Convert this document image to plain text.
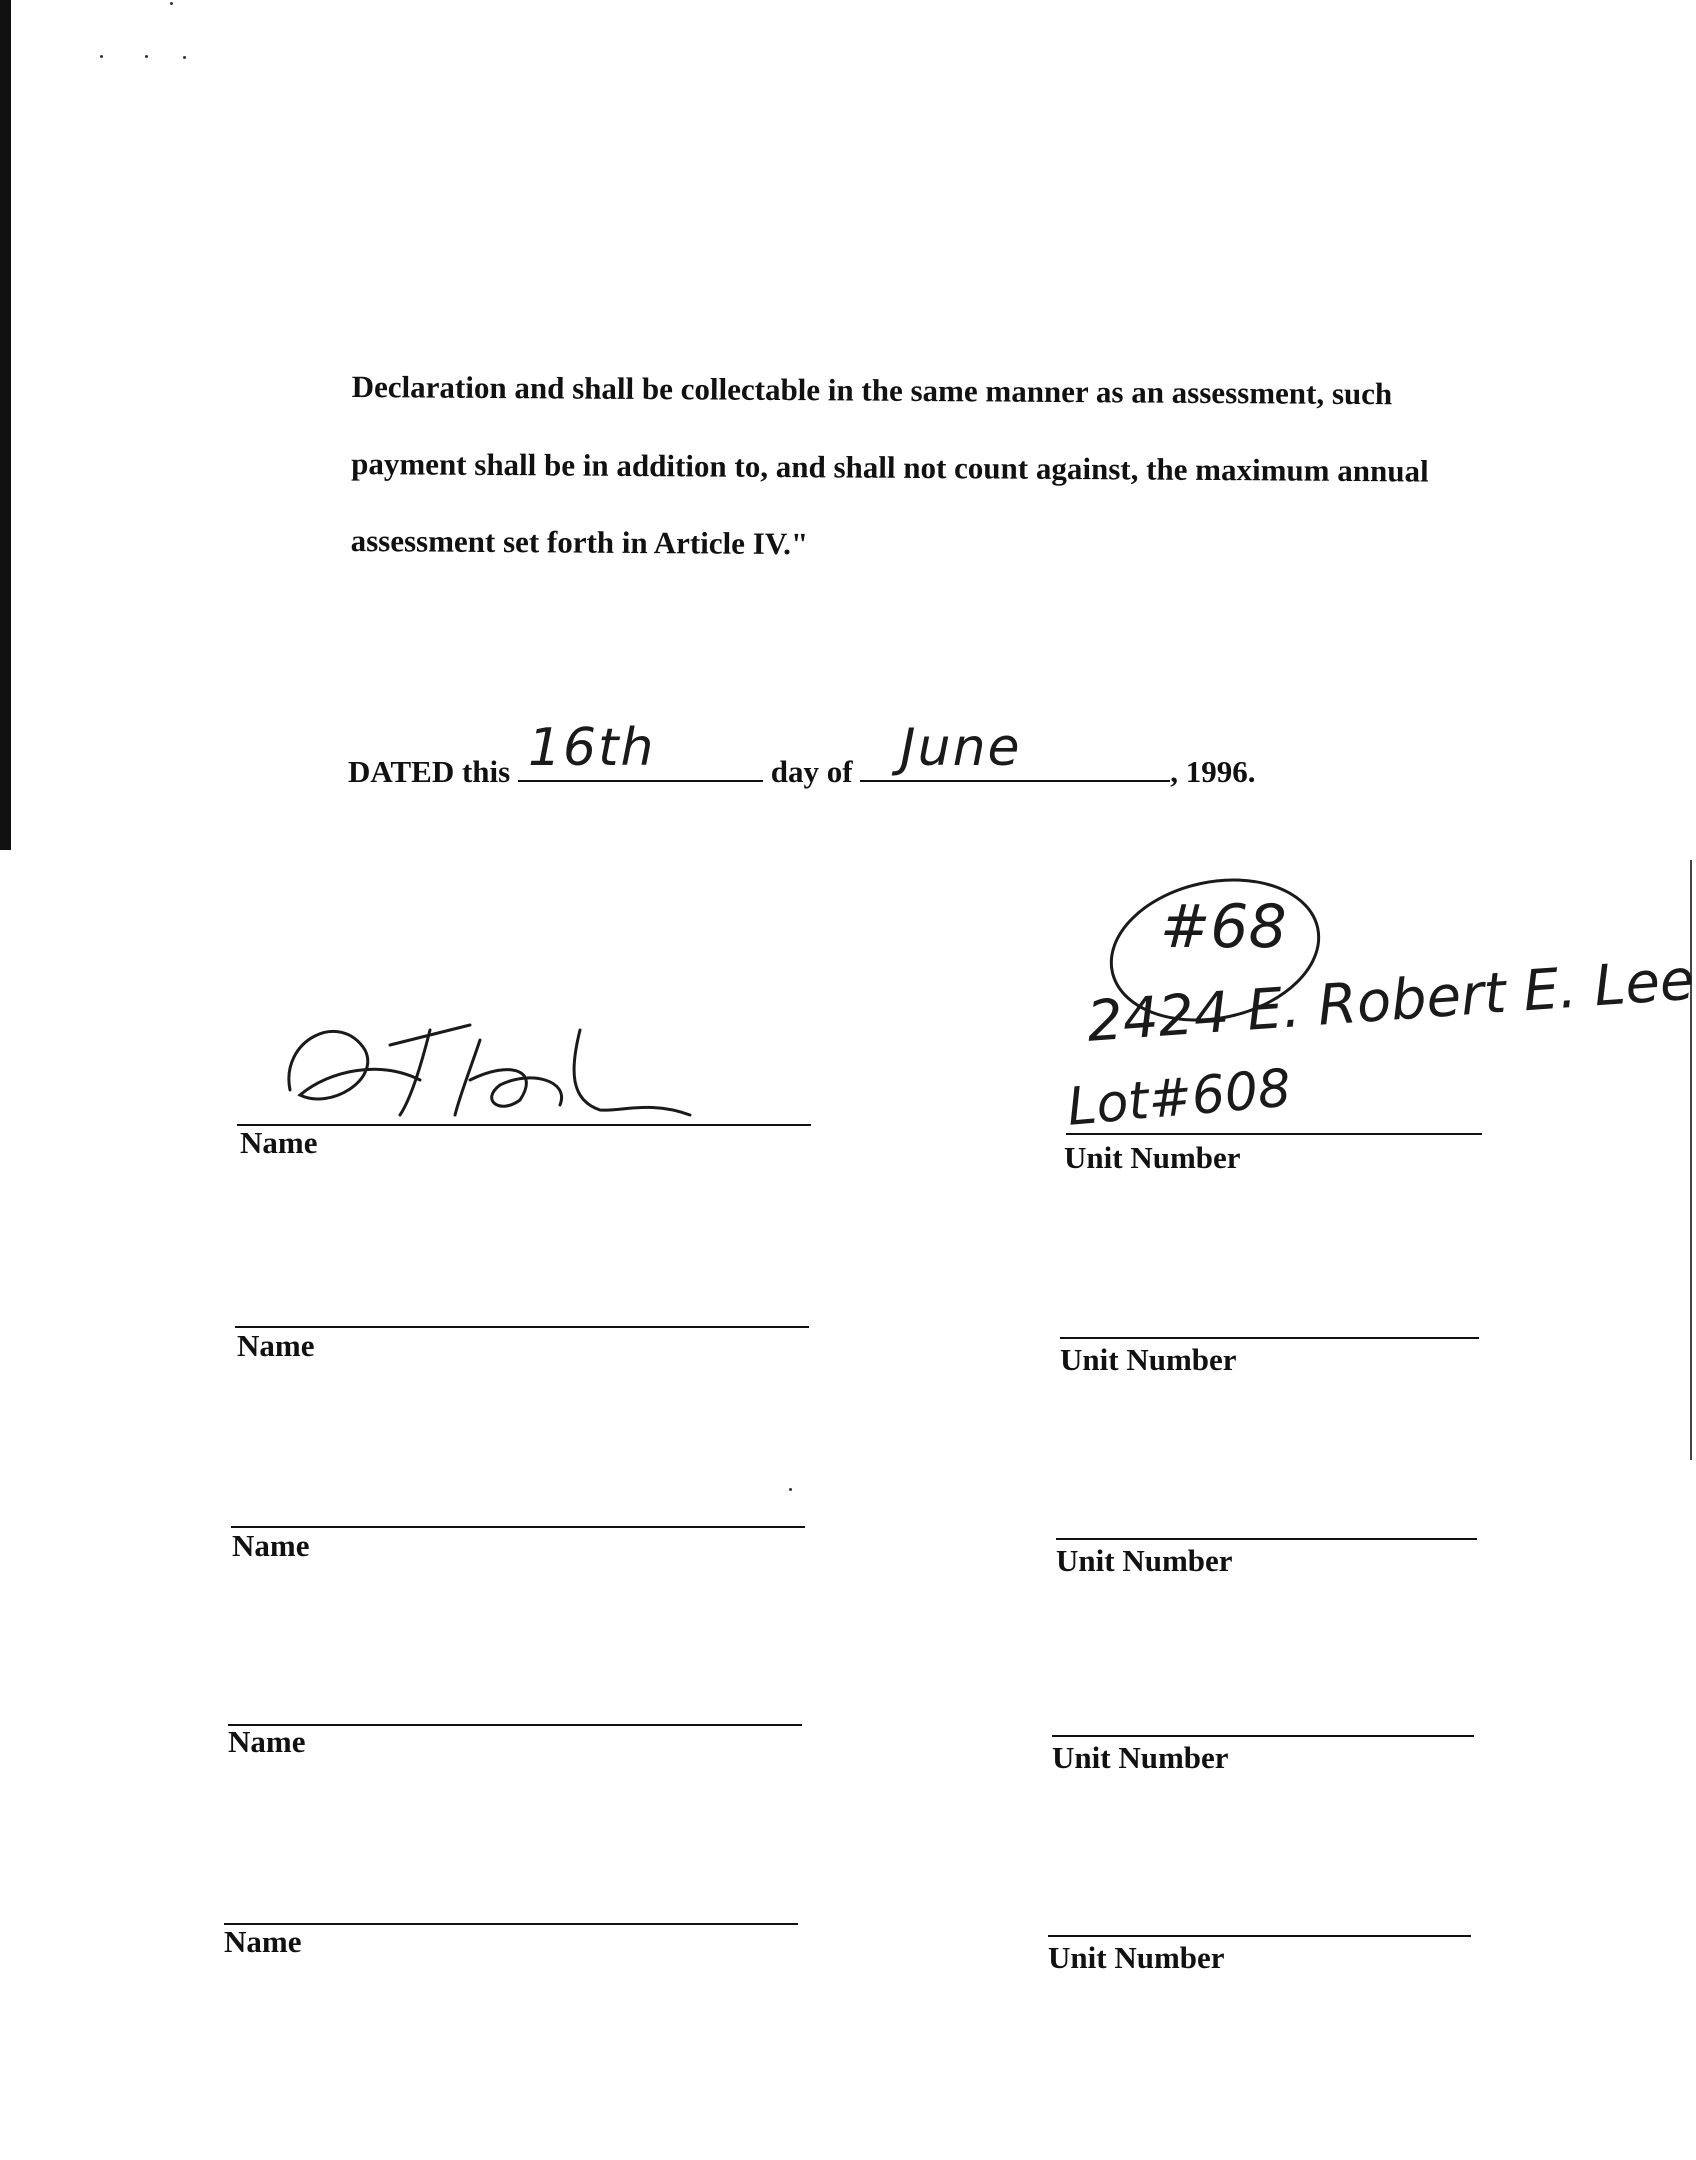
Declaration and shall be collectable in the same manner as an assessment, such
payment shall be in addition to, and shall not count against, the maximum annual
assessment set forth in Article IV."
DATED this 16th	day of June	, 1996.
#68
2424 E. Robert E. Lee
Lot#608
Name	Unit Number
Name	Unit Number
Name	Unit Number
Name	Unit Number
Name	Unit Number
